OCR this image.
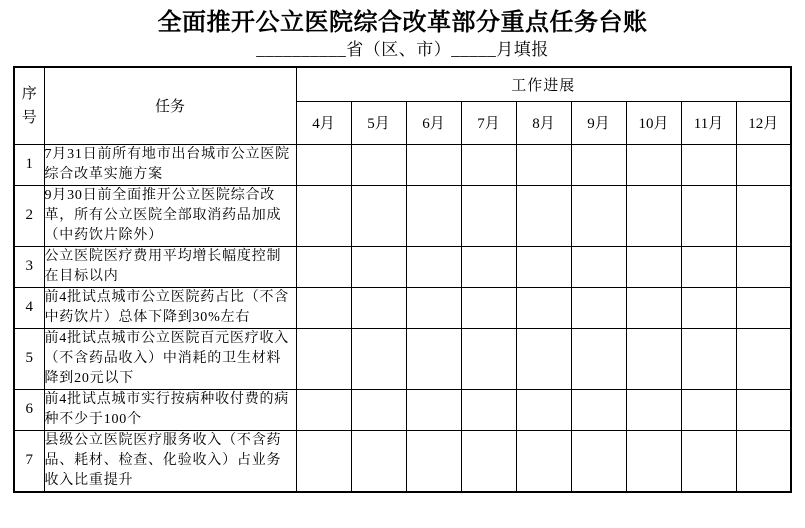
全面推开公立医院综合改革部分重点任务台账
__________省（区、市）_____月填报
序号	任务	工作进展								
		4月	5月	6月	7月	8月	9月	10月	11月	12月
1	7月31日前所有地市出台城市公立医院综合改革实施方案									
2	9月30日前全面推开公立医院综合改革，所有公立医院全部取消药品加成（中药饮片除外）									
3	公立医院医疗费用平均增长幅度控制在目标以内									
4	前4批试点城市公立医院药占比（不含中药饮片）总体下降到30%左右									
5	前4批试点城市公立医院百元医疗收入（不含药品收入）中消耗的卫生材料降到20元以下									
6	前4批试点城市实行按病种收付费的病种不少于100个									
7	县级公立医院医疗服务收入（不含药品、耗材、检查、化验收入）占业务收入比重提升									
